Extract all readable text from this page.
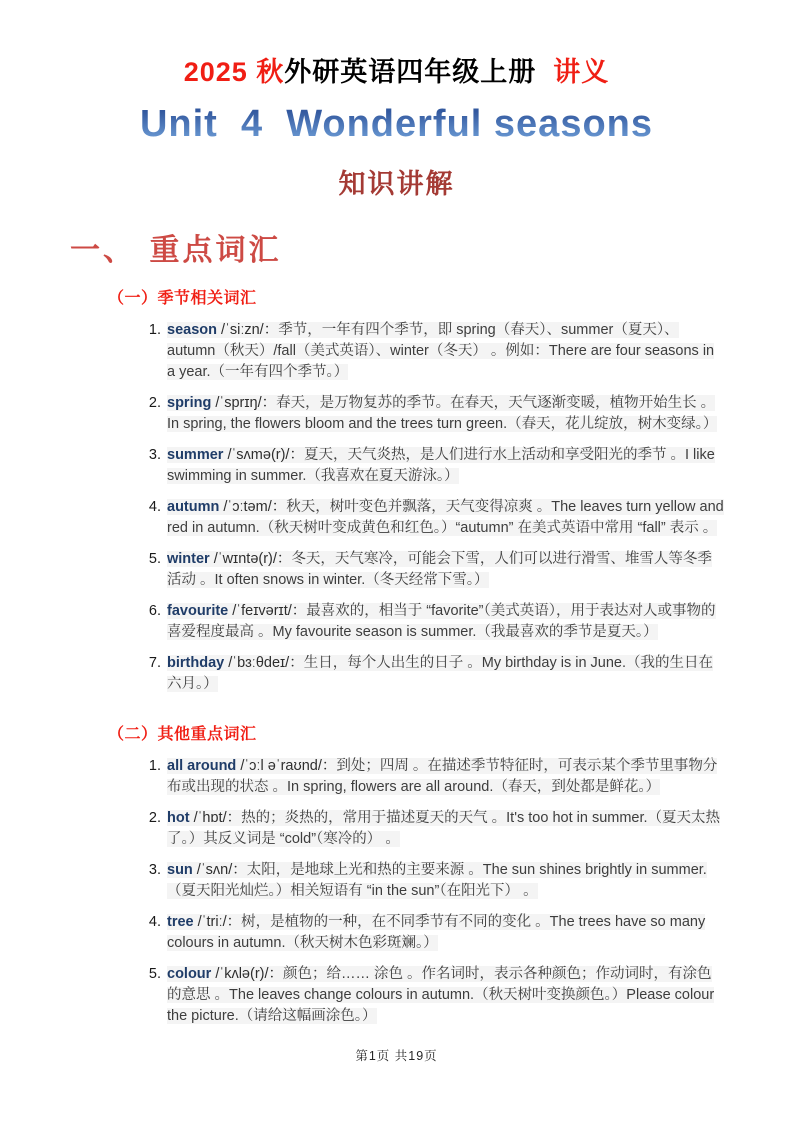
2025 秋外研英语四年级上册  讲义
Unit  4  Wonderful seasons
知识讲解
一、 重点词汇
（一）季节相关词汇
1. season /ˈsiːzn/：季节，一年有四个季节，即 spring（春天）、summer（夏天）、autumn（秋天）/fall（美式英语）、winter（冬天） 。例如：There are four seasons in a year.（一年有四个季节。）
2. spring /ˈsprɪŋ/：春天，是万物复苏的季节。在春天，天气逐渐变暖，植物开始生长 。In spring, the flowers bloom and the trees turn green.（春天，花儿绽放，树木变绿。）
3. summer /ˈsʌmə(r)/：夏天，天气炎热，是人们进行水上活动和享受阳光的季节 。I like swimming in summer.（我喜欢在夏天游泳。）
4. autumn /ˈɔːtəm/：秋天，树叶变色并飘落，天气变得凉爽 。The leaves turn yellow and red in autumn.（秋天树叶变成黄色和红色。）“autumn” 在美式英语中常用 “fall” 表示 。
5. winter /ˈwɪntə(r)/：冬天，天气寒冷，可能会下雪，人们可以进行滑雪、堆雪人等冬季活动 。It often snows in winter.（冬天经常下雪。）
6. favourite /ˈfeɪvərɪt/：最喜欢的，相当于 “favorite”（美式英语），用于表达对人或事物的喜爱程度最高 。My favourite season is summer.（我最喜欢的季节是夏天。）
7. birthday /ˈbɜːθdeɪ/：生日，每个人出生的日子 。My birthday is in June.（我的生日在六月。）
（二）其他重点词汇
1. all around /ˈɔːl əˈraʊnd/：到处；四周 。在描述季节特征时，可表示某个季节里事物分布或出现的状态 。In spring, flowers are all around.（春天，到处都是鲜花。）
2. hot /ˈhɒt/：热的；炎热的，常用于描述夏天的天气 。It's too hot in summer.（夏天太热了。）其反义词是 “cold”（寒冷的） 。
3. sun /ˈsʌn/：太阳，是地球上光和热的主要来源 。The sun shines brightly in summer.（夏天阳光灿烂。）相关短语有 “in the sun”（在阳光下） 。
4. tree /ˈtriː/：树，是植物的一种，在不同季节有不同的变化 。The trees have so many colours in autumn.（秋天树木色彩斑斓。）
5. colour /ˈkʌlə(r)/：颜色；给…… 涂色 。作名词时，表示各种颜色；作动词时，有涂色的意思 。The leaves change colours in autumn.（秋天树叶变换颜色。）Please colour the picture.（请给这幅画涂色。）
第1页 共19页
